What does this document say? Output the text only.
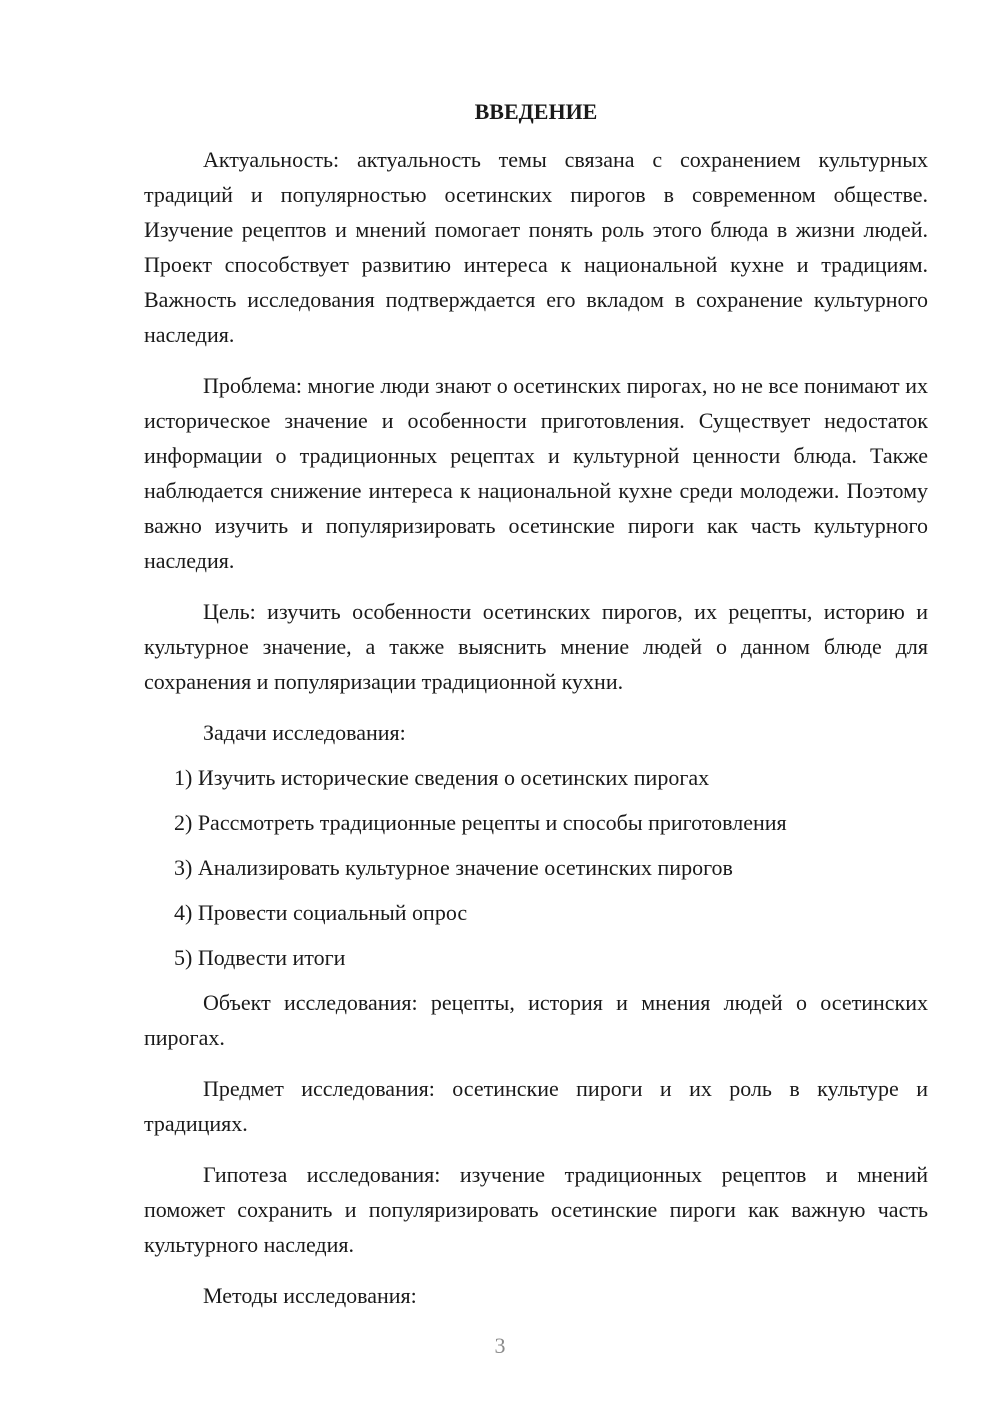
ВВЕДЕНИЕ

Актуальность: актуальность темы связана с сохранением культурных традиций и популярностью осетинских пирогов в современном обществе. Изучение рецептов и мнений помогает понять роль этого блюда в жизни людей. Проект способствует развитию интереса к национальной кухне и традициям. Важность исследования подтверждается его вкладом в сохранение культурного наследия.

Проблема: многие люди знают о осетинских пирогах, но не все понимают их историческое значение и особенности приготовления. Существует недостаток информации о традиционных рецептах и культурной ценности блюда. Также наблюдается снижение интереса к национальной кухне среди молодежи. Поэтому важно изучить и популяризировать осетинские пироги как часть культурного наследия.

Цель: изучить особенности осетинских пирогов, их рецепты, историю и культурное значение, а также выяснить мнение людей о данном блюде для сохранения и популяризации традиционной кухни.

Задачи исследования:

1) Изучить исторические сведения о осетинских пирогах
2) Рассмотреть традиционные рецепты и способы приготовления
3) Анализировать культурное значение осетинских пирогов
4) Провести социальный опрос
5) Подвести итоги

Объект исследования: рецепты, история и мнения людей о осетинских пирогах.

Предмет исследования: осетинские пироги и их роль в культуре и традициях.

Гипотеза исследования: изучение традиционных рецептов и мнений поможет сохранить и популяризировать осетинские пироги как важную часть культурного наследия.

Методы исследования:

3
